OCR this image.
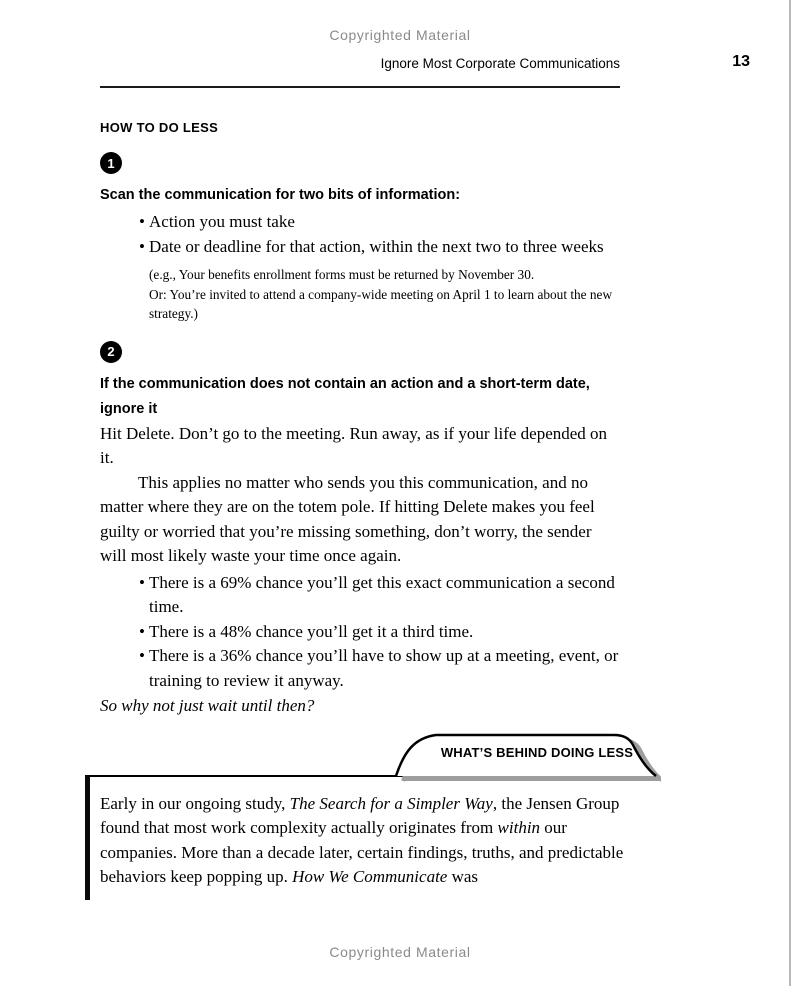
Copyrighted Material
Ignore Most Corporate Communications	13
HOW TO DO LESS
1
Scan the communication for two bits of information:
• Action you must take
• Date or deadline for that action, within the next two to three weeks
(e.g., Your benefits enrollment forms must be returned by November 30.
Or: You’re invited to attend a company-wide meeting on April 1 to learn about the new strategy.)
2
If the communication does not contain an action and a short-term date, ignore it

Hit Delete. Don’t go to the meeting. Run away, as if your life depended on it.

This applies no matter who sends you this communication, and no matter where they are on the totem pole. If hitting Delete makes you feel guilty or worried that you’re missing something, don’t worry, the sender will most likely waste your time once again.

• There is a 69% chance you’ll get this exact communication a second time.
• There is a 48% chance you’ll get it a third time.
• There is a 36% chance you’ll have to show up at a meeting, event, or training to review it anyway.

So why not just wait until then?

WHAT’S BEHIND DOING LESS

Early in our ongoing study, The Search for a Simpler Way, the Jensen Group found that most work complexity actually originates from within our companies. More than a decade later, certain findings, truths, and predictable behaviors keep popping up. How We Communicate was

Copyrighted Material
